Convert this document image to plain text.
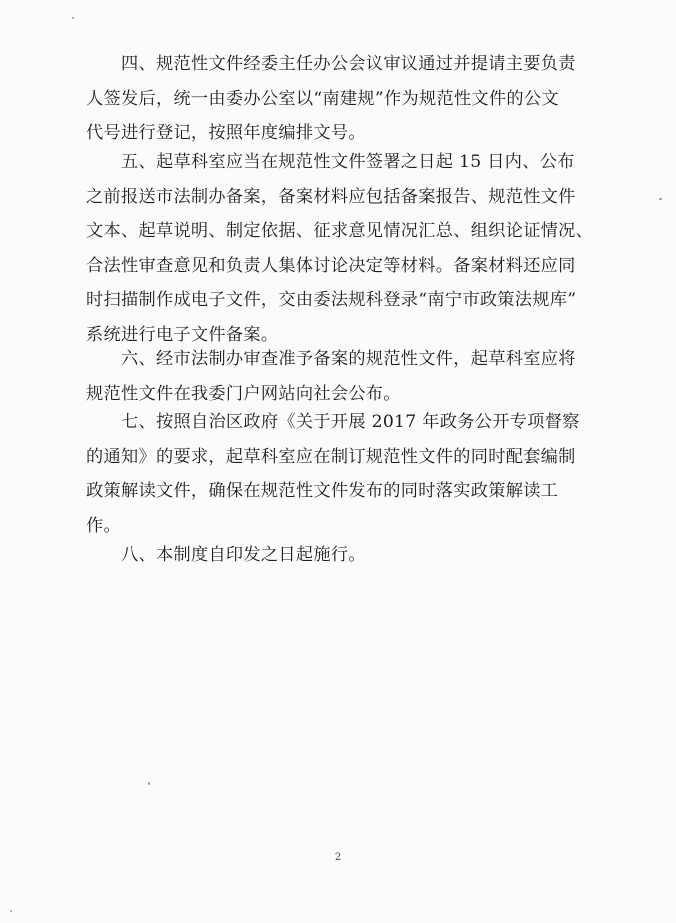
四、规范性文件经委主任办公会议审议通过并提请主要负责
人签发后，统一由委办公室以“南建规”作为规范性文件的公文
代号进行登记，按照年度编排文号。
五、起草科室应当在规范性文件签署之日起 15 日内、公布
之前报送市法制办备案，备案材料应包括备案报告、规范性文件
文本、起草说明、制定依据、征求意见情况汇总、组织论证情况、
合法性审查意见和负责人集体讨论决定等材料。备案材料还应同
时扫描制作成电子文件，交由委法规科登录“南宁市政策法规库”
系统进行电子文件备案。
六、经市法制办审查准予备案的规范性文件，起草科室应将
规范性文件在我委门户网站向社会公布。
七、按照自治区政府《关于开展 2017 年政务公开专项督察
的通知》的要求，起草科室应在制订规范性文件的同时配套编制
政策解读文件，确保在规范性文件发布的同时落实政策解读工
作。
八、本制度自印发之日起施行。
2
